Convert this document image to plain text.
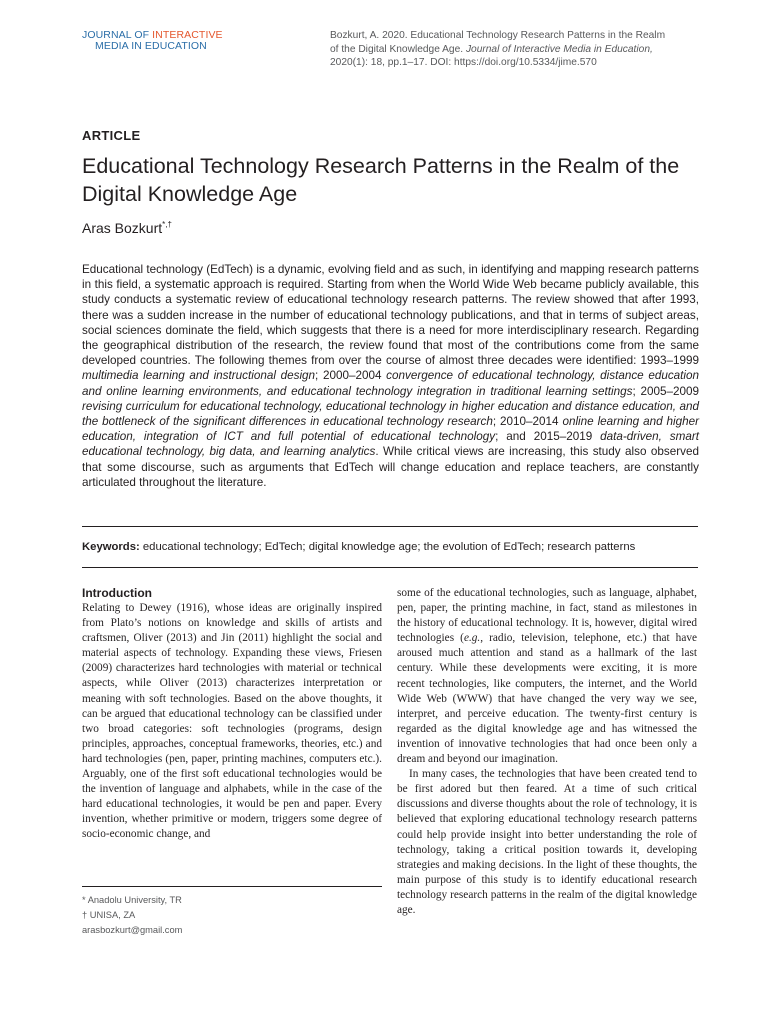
JOURNAL OF INTERACTIVE
MEDIA IN EDUCATION
Bozkurt, A. 2020. Educational Technology Research Patterns in the Realm
of the Digital Knowledge Age. Journal of Interactive Media in Education,
2020(1): 18, pp.1–17. DOI: https://doi.org/10.5334/jime.570
ARTICLE
Educational Technology Research Patterns in the Realm of the Digital Knowledge Age
Aras Bozkurt*,†

Educational technology (EdTech) is a dynamic, evolving field and as such, in identifying and mapping research patterns in this field, a systematic approach is required. Starting from when the World Wide Web became publicly available, this study conducts a systematic review of educational technology research patterns. The review showed that after 1993, there was a sudden increase in the number of educational technology publications, and that in terms of subject areas, social sciences dominate the field, which suggests that there is a need for more interdisciplinary research. Regarding the geographical distribution of the research, the review found that most of the contributions come from the same developed countries. The following themes from over the course of almost three decades were identified: 1993–1999 multimedia learning and instructional design; 2000–2004 convergence of educational technology, distance education and online learning environments, and educational technology integration in traditional learning settings; 2005–2009 revising curriculum for educational technology, educational technology in higher education and distance education, and the bottleneck of the significant differences in educational technology research; 2010–2014 online learning and higher education, integration of ICT and full potential of educational technology; and 2015–2019 data-driven, smart educational technology, big data, and learning analytics. While critical views are increasing, this study also observed that some discourse, such as arguments that EdTech will change education and replace teachers, are constantly articulated throughout the literature.

Keywords: educational technology; EdTech; digital knowledge age; the evolution of EdTech; research patterns
Introduction

Relating to Dewey (1916), whose ideas are originally inspired from Plato’s notions on knowledge and skills of artists and craftsmen, Oliver (2013) and Jin (2011) highlight the social and material aspects of technology. Expanding these views, Friesen (2009) characterizes hard technologies with material or technical aspects, while Oliver (2013) characterizes interpretation or meaning with soft technologies. Based on the above thoughts, it can be argued that educational technology can be classified under two broad categories: soft technologies (programs, design principles, approaches, conceptual frameworks, theories, etc.) and hard technologies (pen, paper, printing machines, computers etc.). Arguably, one of the first soft educational technologies would be the invention of language and alphabets, while in the case of the hard educational technologies, it would be pen and paper. Every invention, whether primitive or modern, triggers some degree of socio-economic change, and

some of the educational technologies, such as language, alphabet, pen, paper, the printing machine, in fact, stand as milestones in the history of educational technology. It is, however, digital wired technologies (e.g., radio, television, telephone, etc.) that have aroused much attention and stand as a hallmark of the last century. While these developments were exciting, it is more recent technologies, like computers, the internet, and the World Wide Web (WWW) that have changed the very way we see, interpret, and perceive education. The twenty-first century is regarded as the digital knowledge age and has witnessed the invention of innovative technologies that had once been only a dream and beyond our imagination.

In many cases, the technologies that have been created tend to be first adored but then feared. At a time of such critical discussions and diverse thoughts about the role of technology, it is believed that exploring educational technology research patterns could help provide insight into better understanding the role of technology, taking a critical position towards it, developing strategies and making decisions. In the light of these thoughts, the main purpose of this study is to identify educational research technology research patterns in the realm of the digital knowledge age.

* Anadolu University, TR
† UNISA, ZA
arasbozkurt@gmail.com
